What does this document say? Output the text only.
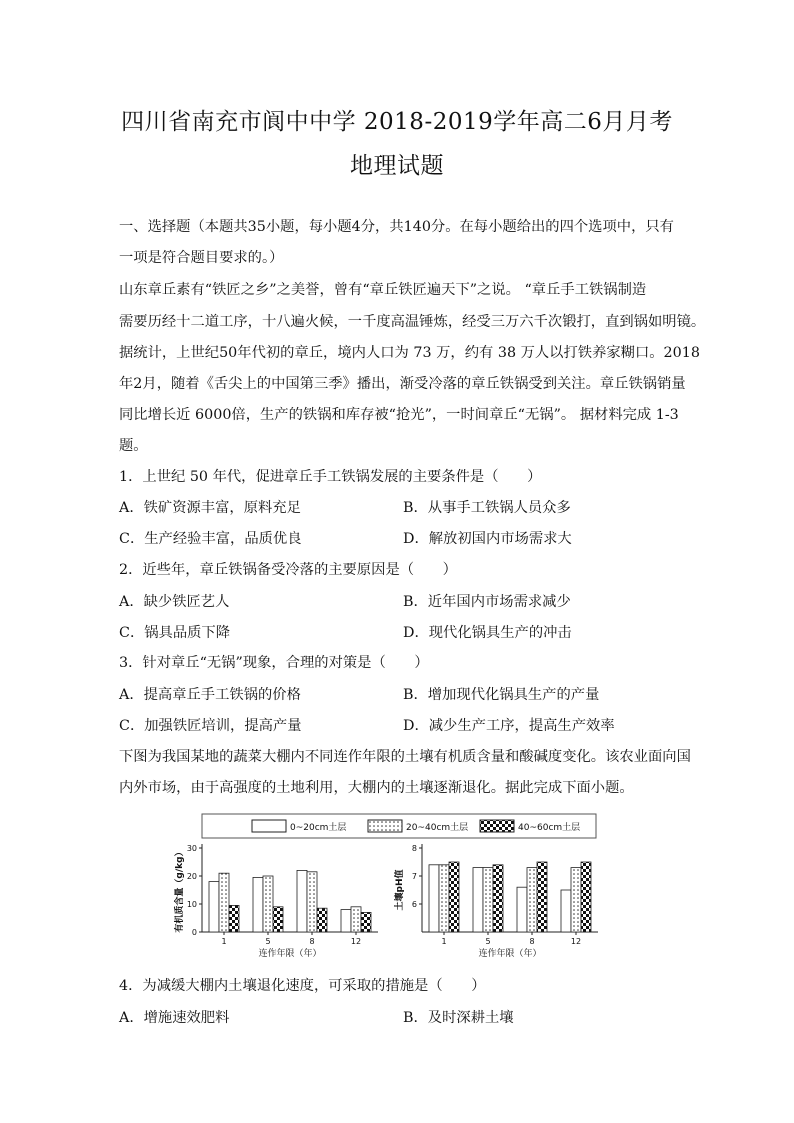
四川省南充市阆中中学 2018-2019学年高二6月月考
地理试题
一、选择题（本题共35小题，每小题4分，共140分。在每小题给出的四个选项中，只有
一项是符合题目要求的。）
山东章丘素有“铁匠之乡”之美誉，曾有“章丘铁匠遍天下”之说。 “章丘手工铁锅制造
需要历经十二道工序，十八遍火候，一千度高温锤炼，经受三万六千次锻打，直到锅如明镜。
据统计，上世纪50年代初的章丘，境内人口为 73 万，约有 38 万人以打铁养家糊口。2018
年2月，随着《舌尖上的中国第三季》播出，渐受冷落的章丘铁锅受到关注。章丘铁锅销量
同比增长近 6000倍，生产的铁锅和库存被“抢光”，一时间章丘“无锅”。 据材料完成 1-3
题。
1．上世纪 50 年代，促进章丘手工铁锅发展的主要条件是（　　）
A．铁矿资源丰富，原料充足	B．从事手工铁锅人员众多
C．生产经验丰富，品质优良	D．解放初国内市场需求大
2．近些年，章丘铁锅备受冷落的主要原因是（　　）
A．缺少铁匠艺人	B．近年国内市场需求减少
C．锅具品质下降	D．现代化锅具生产的冲击
3．针对章丘“无锅”现象，合理的对策是（　　）
A．提高章丘手工铁锅的价格	B．增加现代化锅具生产的产量
C．加强铁匠培训，提高产量	D．减少生产工序，提高生产效率
下图为我国某地的蔬菜大棚内不同连作年限的土壤有机质含量和酸碱度变化。该农业面向国
内外市场，由于高强度的土地利用，大棚内的土壤逐渐退化。据此完成下面小题。
0~20cm土层	20~40cm土层	40~60cm土层
0
10
20
30
有机质含量（g/kg）
1	5	8	12
连作年限（年）
6
7
8
土壤pH值
1	5	8	12
连作年限（年）
4．为减缓大棚内土壤退化速度，可采取的措施是（　　）
A．增施速效肥料	B．及时深耕土壤
